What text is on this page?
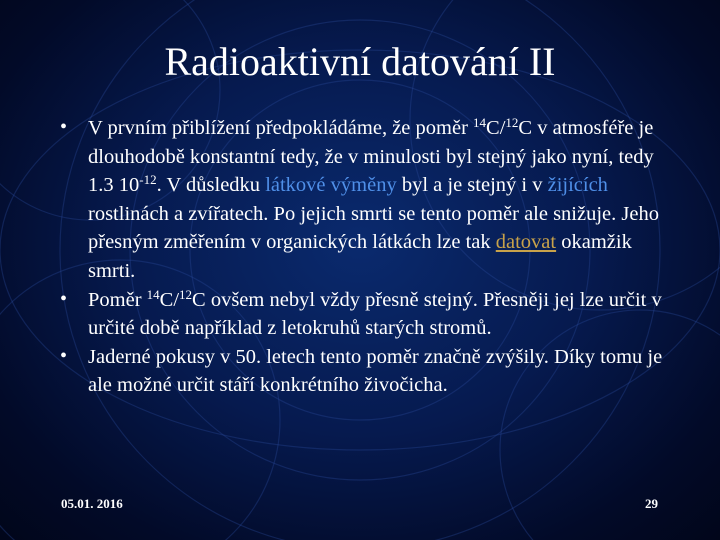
Radioaktivní datování II
• V prvním přiblížení předpokládáme, že poměr $^{14}$C/$^{12}$C v atmosféře je dlouhodobě konstantní tedy, že v minulosti byl stejný jako nyní, tedy 1.3 $10^{-12}$. V důsledku látkové výměny byl a je stejný i v žijících rostlinách a zvířatech. Po jejich smrti se tento poměr ale snižuje. Jeho přesným změřením v organických látkách lze tak datovat okamžik smrti.
• Poměr $^{14}$C/$^{12}$C ovšem nebyl vždy přesně stejný. Přesněji jej lze určit v určité době například z letokruhů starých stromů.
• Jaderné pokusy v 50. letech tento poměr značně zvýšily. Díky tomu je ale možné určit stáří konkrétního živočicha.
05.01. 2016	29
